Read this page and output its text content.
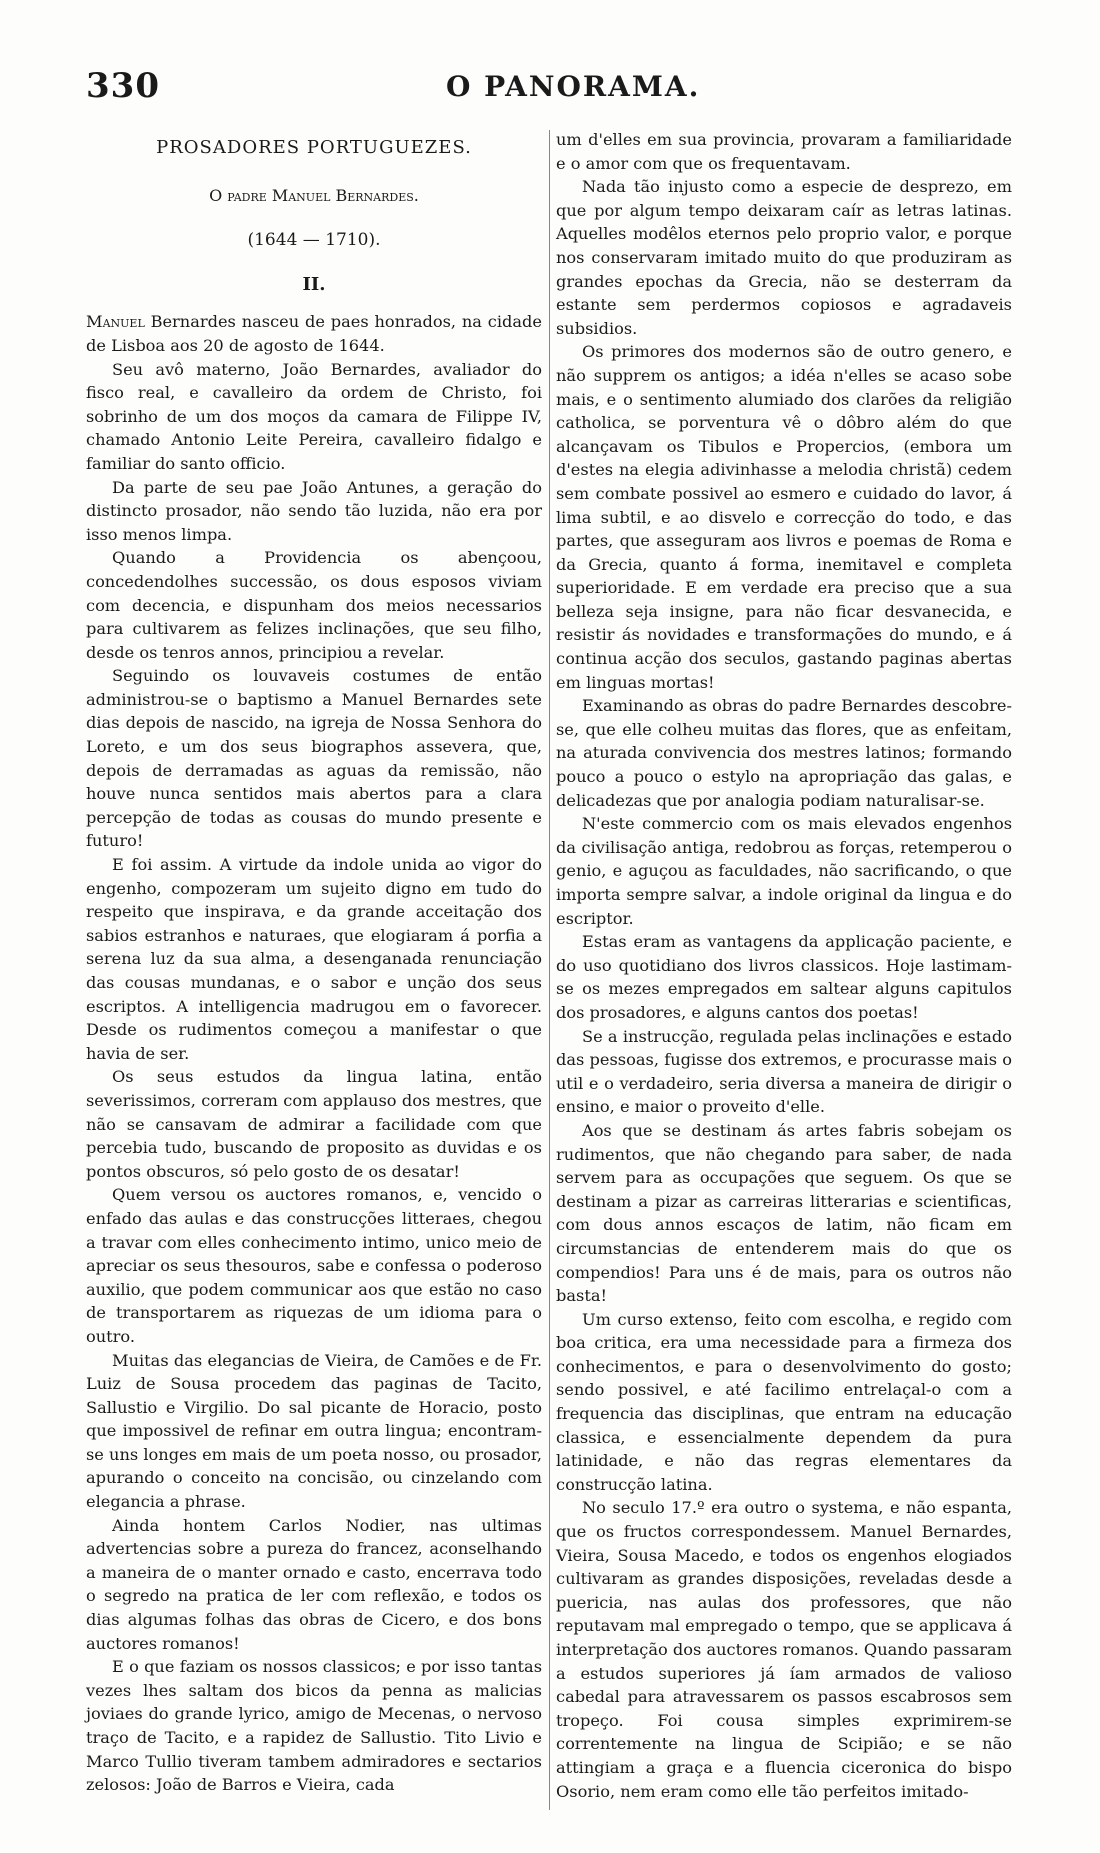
330	O PANORAMA.
PROSADORES PORTUGUEZES.
O padre Manuel Bernardes.
(1644 — 1710).
II.

Manuel Bernardes nasceu de paes honrados, na cidade de Lisboa aos 20 de agosto de 1644.

Seu avô materno, João Bernardes, avaliador do fisco real, e cavalleiro da ordem de Christo, foi sobrinho de um dos moços da camara de Filippe IV, chamado Antonio Leite Pereira, cavalleiro fidalgo e familiar do santo officio.

Da parte de seu pae João Antunes, a geração do distincto prosador, não sendo tão luzida, não era por isso menos limpa.

Quando a Providencia os abençoou, concedendolhes successão, os dous esposos viviam com decencia, e dispunham dos meios necessarios para cultivarem as felizes inclinações, que seu filho, desde os tenros annos, principiou a revelar.

Seguindo os louvaveis costumes de então administrou-se o baptismo a Manuel Bernardes sete dias depois de nascido, na igreja de Nossa Senhora do Loreto, e um dos seus biographos assevera, que, depois de derramadas as aguas da remissão, não houve nunca sentidos mais abertos para a clara percepção de todas as cousas do mundo presente e futuro!

E foi assim. A virtude da indole unida ao vigor do engenho, compozeram um sujeito digno em tudo do respeito que inspirava, e da grande acceitação dos sabios estranhos e naturaes, que elogiaram á porfia a serena luz da sua alma, a desenganada renunciação das cousas mundanas, e o sabor e unção dos seus escriptos. A intelligencia madrugou em o favorecer. Desde os rudimentos começou a manifestar o que havia de ser.

Os seus estudos da lingua latina, então severissimos, correram com applauso dos mestres, que não se cansavam de admirar a facilidade com que percebia tudo, buscando de proposito as duvidas e os pontos obscuros, só pelo gosto de os desatar!

Quem versou os auctores romanos, e, vencido o enfado das aulas e das construcções litteraes, chegou a travar com elles conhecimento intimo, unico meio de apreciar os seus thesouros, sabe e confessa o poderoso auxilio, que podem communicar aos que estão no caso de transportarem as riquezas de um idioma para o outro.

Muitas das elegancias de Vieira, de Camões e de Fr. Luiz de Sousa procedem das paginas de Tacito, Sallustio e Virgilio. Do sal picante de Horacio, posto que impossivel de refinar em outra lingua; encontram-se uns longes em mais de um poeta nosso, ou prosador, apurando o conceito na concisão, ou cinzelando com elegancia a phrase.

Ainda hontem Carlos Nodier, nas ultimas advertencias sobre a pureza do francez, aconselhando a maneira de o manter ornado e casto, encerrava todo o segredo na pratica de ler com reflexão, e todos os dias algumas folhas das obras de Cicero, e dos bons auctores romanos!

E o que faziam os nossos classicos; e por isso tantas vezes lhes saltam dos bicos da penna as malicias joviaes do grande lyrico, amigo de Mecenas, o nervoso traço de Tacito, e a rapidez de Sallustio. Tito Livio e Marco Tullio tiveram tambem admiradores e sectarios zelosos: João de Barros e Vieira, cada

um d'elles em sua provincia, provaram a familiaridade e o amor com que os frequentavam.

Nada tão injusto como a especie de desprezo, em que por algum tempo deixaram caír as letras latinas. Aquelles modêlos eternos pelo proprio valor, e porque nos conservaram imitado muito do que produziram as grandes epochas da Grecia, não se desterram da estante sem perdermos copiosos e agradaveis subsidios.

Os primores dos modernos são de outro genero, e não supprem os antigos; a idéa n'elles se acaso sobe mais, e o sentimento alumiado dos clarões da religião catholica, se porventura vê o dôbro além do que alcançavam os Tibulos e Propercios, (embora um d'estes na elegia adivinhasse a melodia christã) cedem sem combate possivel ao esmero e cuidado do lavor, á lima subtil, e ao disvelo e correcção do todo, e das partes, que asseguram aos livros e poemas de Roma e da Grecia, quanto á forma, inemitavel e completa superioridade. E em verdade era preciso que a sua belleza seja insigne, para não ficar desvanecida, e resistir ás novidades e transformações do mundo, e á continua acção dos seculos, gastando paginas abertas em linguas mortas!

Examinando as obras do padre Bernardes descobre-se, que elle colheu muitas das flores, que as enfeitam, na aturada convivencia dos mestres latinos; formando pouco a pouco o estylo na apropriação das galas, e delicadezas que por analogia podiam naturalisar-se.

N'este commercio com os mais elevados engenhos da civilisação antiga, redobrou as forças, retemperou o genio, e aguçou as faculdades, não sacrificando, o que importa sempre salvar, a indole original da lingua e do escriptor.

Estas eram as vantagens da applicação paciente, e do uso quotidiano dos livros classicos. Hoje lastimam-se os mezes empregados em saltear alguns capitulos dos prosadores, e alguns cantos dos poetas!

Se a instrucção, regulada pelas inclinações e estado das pessoas, fugisse dos extremos, e procurasse mais o util e o verdadeiro, seria diversa a maneira de dirigir o ensino, e maior o proveito d'elle.

Aos que se destinam ás artes fabris sobejam os rudimentos, que não chegando para saber, de nada servem para as occupações que seguem. Os que se destinam a pizar as carreiras litterarias e scientificas, com dous annos escaços de latim, não ficam em circumstancias de entenderem mais do que os compendios! Para uns é de mais, para os outros não basta!

Um curso extenso, feito com escolha, e regido com boa critica, era uma necessidade para a firmeza dos conhecimentos, e para o desenvolvimento do gosto; sendo possivel, e até facilimo entrelaçal-o com a frequencia das disciplinas, que entram na educação classica, e essencialmente dependem da pura latinidade, e não das regras elementares da construcção latina.

No seculo 17.º era outro o systema, e não espanta, que os fructos correspondessem. Manuel Bernardes, Vieira, Sousa Macedo, e todos os engenhos elogiados cultivaram as grandes disposições, reveladas desde a puericia, nas aulas dos professores, que não reputavam mal empregado o tempo, que se applicava á interpretação dos auctores romanos. Quando passaram a estudos superiores já íam armados de valioso cabedal para atravessarem os passos escabrosos sem tropeço. Foi cousa simples exprimirem-se correntemente na lingua de Scipião; e se não attingiam a graça e a fluencia ciceronica do bispo Osorio, nem eram como elle tão perfeitos imitado-
